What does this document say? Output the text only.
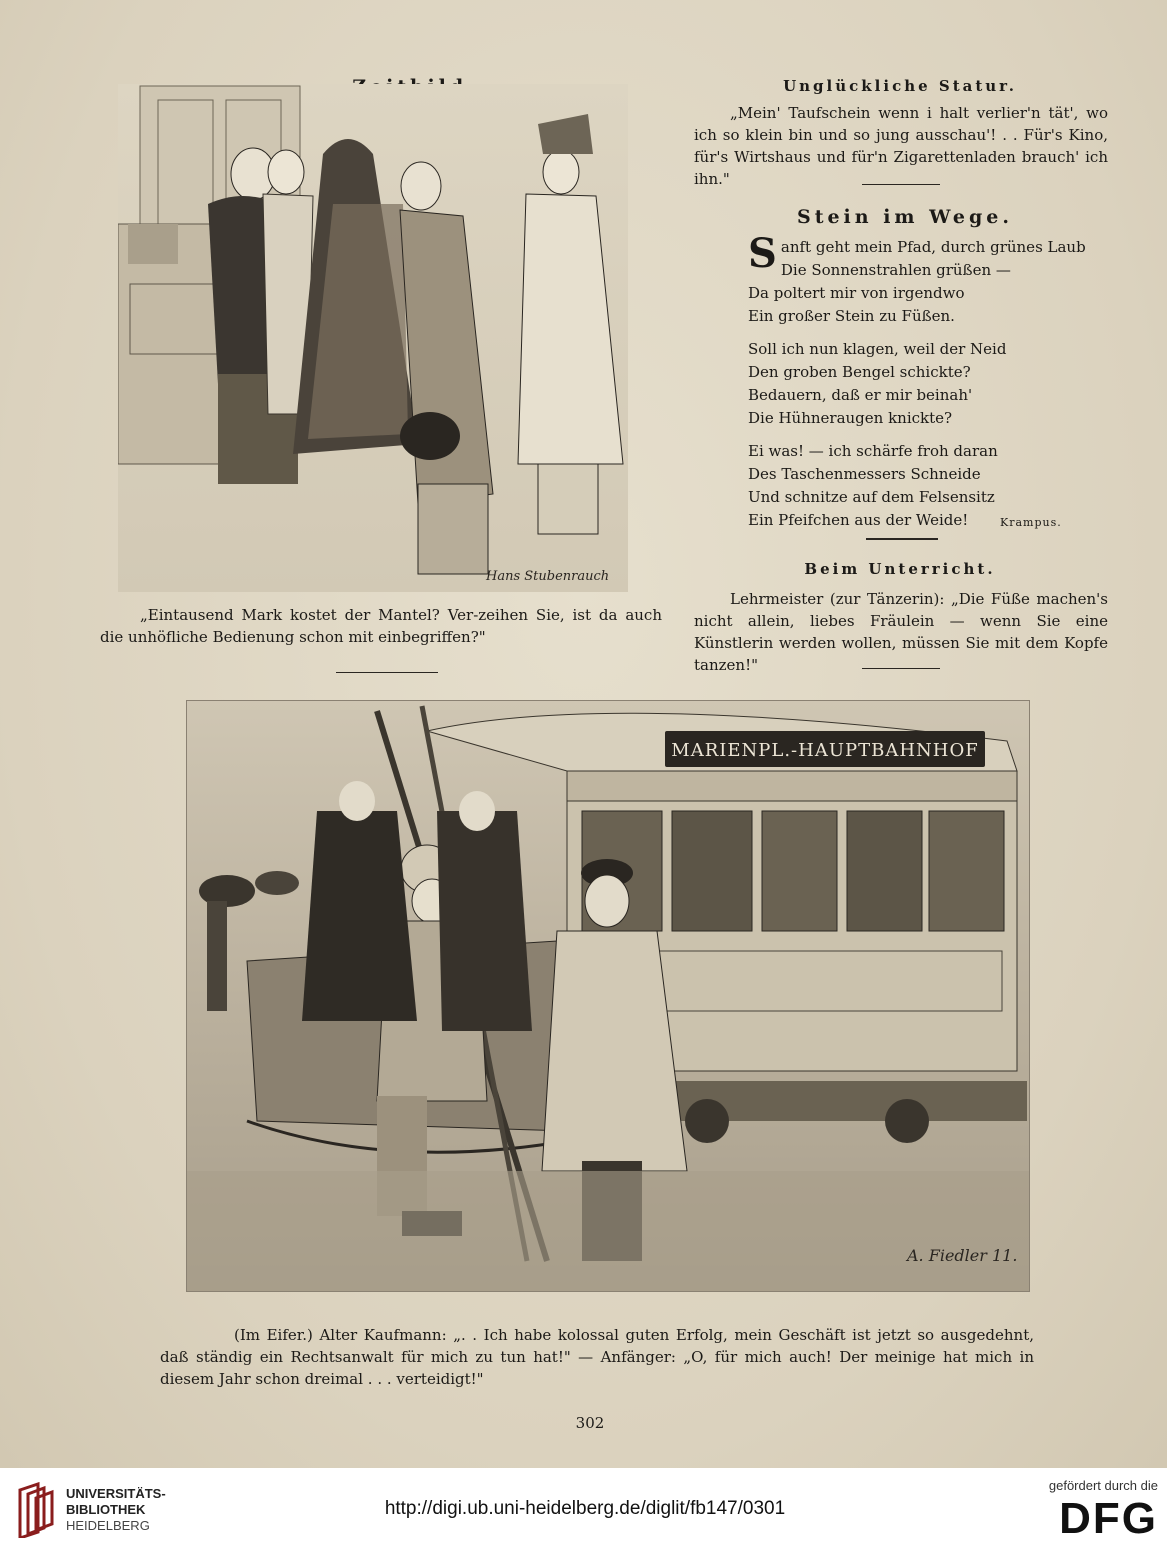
Hans Stubenrauch
„Eintausend Mark kostet der Mantel? Ver-zeihen Sie, ist da auch die unhöfliche Bedienung schon mit einbegriffen?"
Unglückliche Statur.
„Mein' Taufschein wenn i halt verlier'n tät', wo ich so klein bin und so jung ausschau'! . . Für's Kino, für's Wirtshaus und für'n Zigarettenladen brauch' ich ihn."
Stein im Wege.
S anft geht mein Pfad, durch grünes Laub
Die Sonnenstrahlen grüßen —
Da poltert mir von irgendwo
Ein großer Stein zu Füßen.
Soll ich nun klagen, weil der Neid
Den groben Bengel schickte?
Bedauern, daß er mir beinah'
Die Hühneraugen knickte?
Ei was! — ich schärfe froh daran
Des Taschenmessers Schneide
Und schnitze auf dem Felsensitz
Ein Pfeifchen aus der Weide!	Krampus.
Beim Unterricht.
Lehrmeister (zur Tänzerin): „Die Füße machen's nicht allein, liebes Fräulein — wenn Sie eine Künstlerin werden wollen, müssen Sie mit dem Kopfe tanzen!"
MARIENPL.-HAUPTBAHNHOF
A. Fiedler 11.
(Im Eifer.) Alter Kaufmann: „. . Ich habe kolossal guten Erfolg, mein Geschäft ist jetzt so ausgedehnt, daß ständig ein Rechtsanwalt für mich zu tun hat!" — Anfänger: „O, für mich auch! Der meinige hat mich in diesem Jahr schon dreimal . . . verteidigt!"
302
UNIVERSITÄTS-
BIBLIOTHEK
HEIDELBERG
http://digi.ub.uni-heidelberg.de/diglit/fb147/0301
gefördert durch die
DFG
